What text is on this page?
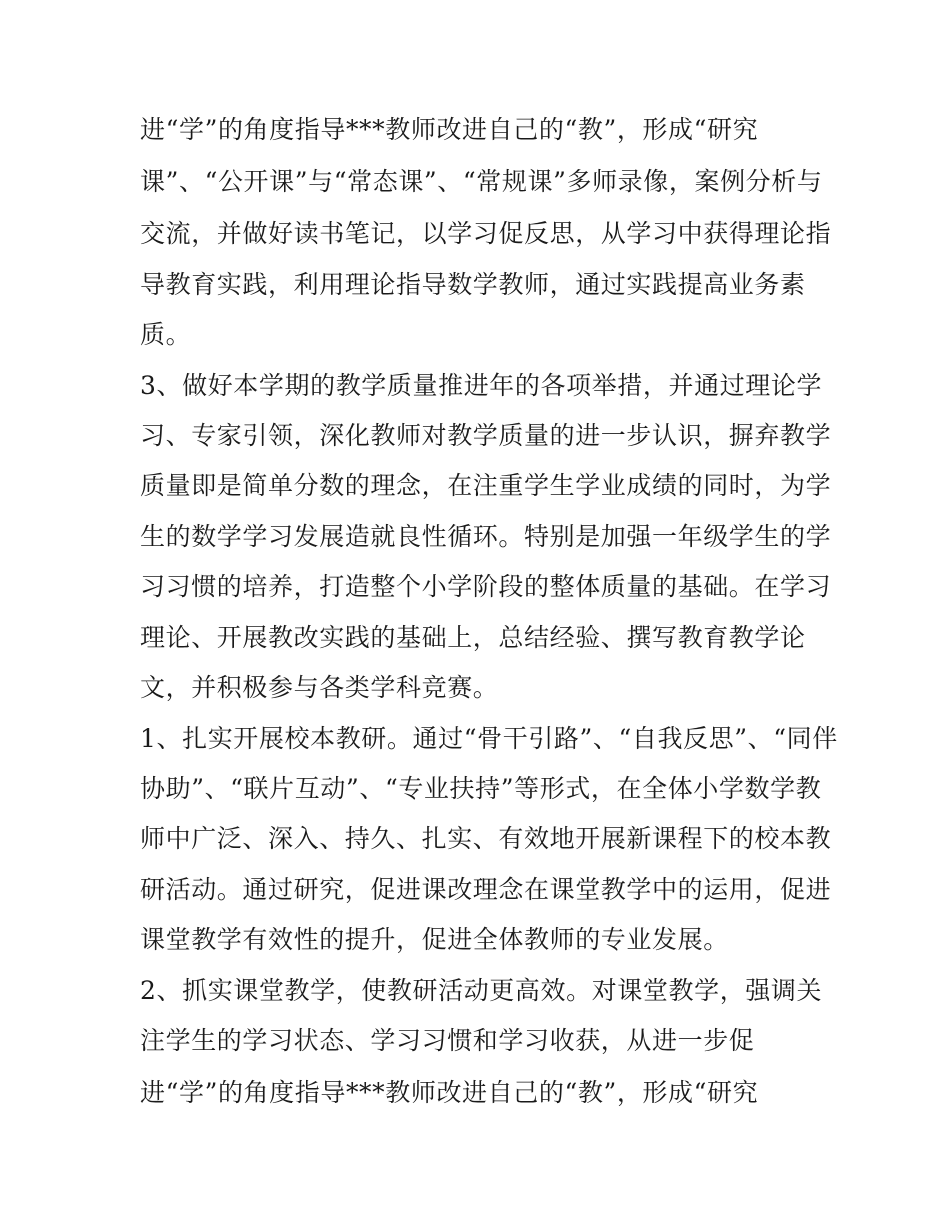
进“学”的角度指导***教师改进自己的“教”，形成“研究
课”、“公开课”与“常态课”、“常规课”多师录像，案例分析与
交流，并做好读书笔记，以学习促反思，从学习中获得理论指
导教育实践，利用理论指导数学教师，通过实践提高业务素
质。
3、做好本学期的教学质量推进年的各项举措，并通过理论学
习、专家引领，深化教师对教学质量的进一步认识，摒弃教学
质量即是简单分数的理念，在注重学生学业成绩的同时，为学
生的数学学习发展造就良性循环。特别是加强一年级学生的学
习习惯的培养，打造整个小学阶段的整体质量的基础。在学习
理论、开展教改实践的基础上，总结经验、撰写教育教学论
文，并积极参与各类学科竞赛。
1、扎实开展校本教研。通过“骨干引路”、“自我反思”、“同伴
协助”、“联片互动”、“专业扶持”等形式，在全体小学数学教
师中广泛、深入、持久、扎实、有效地开展新课程下的校本教
研活动。通过研究，促进课改理念在课堂教学中的运用，促进
课堂教学有效性的提升，促进全体教师的专业发展。
2、抓实课堂教学，使教研活动更高效。对课堂教学，强调关
注学生的学习状态、学习习惯和学习收获，从进一步促
进“学”的角度指导***教师改进自己的“教”，形成“研究
